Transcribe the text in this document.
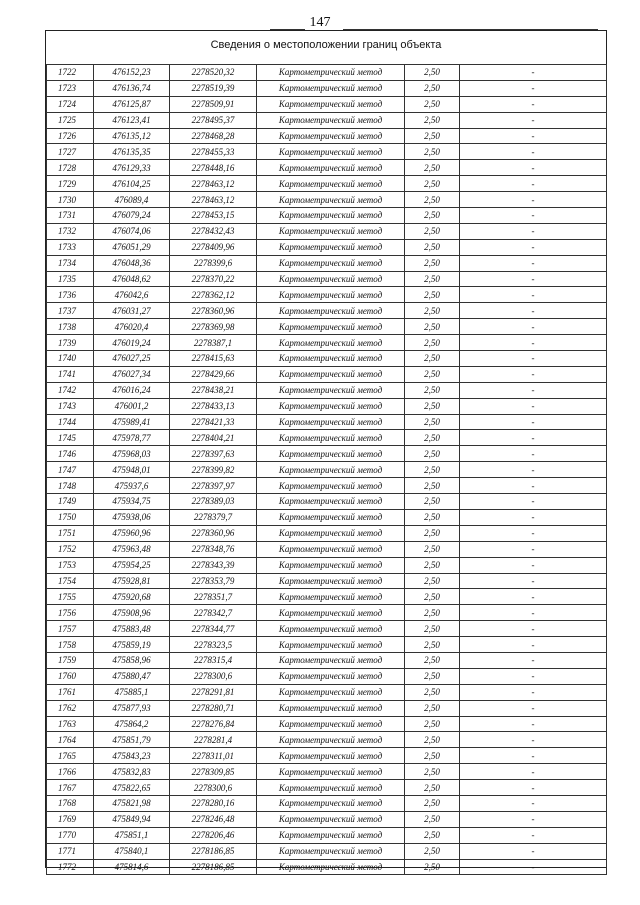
147
Сведения о местоположении границ объекта
1722	476152,23	2278520,32	Картометрический метод	2,50	-
1723	476136,74	2278519,39	Картометрический метод	2,50	-
1724	476125,87	2278509,91	Картометрический метод	2,50	-
1725	476123,41	2278495,37	Картометрический метод	2,50	-
1726	476135,12	2278468,28	Картометрический метод	2,50	-
1727	476135,35	2278455,33	Картометрический метод	2,50	-
1728	476129,33	2278448,16	Картометрический метод	2,50	-
1729	476104,25	2278463,12	Картометрический метод	2,50	-
1730	476089,4	2278463,12	Картометрический метод	2,50	-
1731	476079,24	2278453,15	Картометрический метод	2,50	-
1732	476074,06	2278432,43	Картометрический метод	2,50	-
1733	476051,29	2278409,96	Картометрический метод	2,50	-
1734	476048,36	2278399,6	Картометрический метод	2,50	-
1735	476048,62	2278370,22	Картометрический метод	2,50	-
1736	476042,6	2278362,12	Картометрический метод	2,50	-
1737	476031,27	2278360,96	Картометрический метод	2,50	-
1738	476020,4	2278369,98	Картометрический метод	2,50	-
1739	476019,24	2278387,1	Картометрический метод	2,50	-
1740	476027,25	2278415,63	Картометрический метод	2,50	-
1741	476027,34	2278429,66	Картометрический метод	2,50	-
1742	476016,24	2278438,21	Картометрический метод	2,50	-
1743	476001,2	2278433,13	Картометрический метод	2,50	-
1744	475989,41	2278421,33	Картометрический метод	2,50	-
1745	475978,77	2278404,21	Картометрический метод	2,50	-
1746	475968,03	2278397,63	Картометрический метод	2,50	-
1747	475948,01	2278399,82	Картометрический метод	2,50	-
1748	475937,6	2278397,97	Картометрический метод	2,50	-
1749	475934,75	2278389,03	Картометрический метод	2,50	-
1750	475938,06	2278379,7	Картометрический метод	2,50	-
1751	475960,96	2278360,96	Картометрический метод	2,50	-
1752	475963,48	2278348,76	Картометрический метод	2,50	-
1753	475954,25	2278343,39	Картометрический метод	2,50	-
1754	475928,81	2278353,79	Картометрический метод	2,50	-
1755	475920,68	2278351,7	Картометрический метод	2,50	-
1756	475908,96	2278342,7	Картометрический метод	2,50	-
1757	475883,48	2278344,77	Картометрический метод	2,50	-
1758	475859,19	2278323,5	Картометрический метод	2,50	-
1759	475858,96	2278315,4	Картометрический метод	2,50	-
1760	475880,47	2278300,6	Картометрический метод	2,50	-
1761	475885,1	2278291,81	Картометрический метод	2,50	-
1762	475877,93	2278280,71	Картометрический метод	2,50	-
1763	475864,2	2278276,84	Картометрический метод	2,50	-
1764	475851,79	2278281,4	Картометрический метод	2,50	-
1765	475843,23	2278311,01	Картометрический метод	2,50	-
1766	475832,83	2278309,85	Картометрический метод	2,50	-
1767	475822,65	2278300,6	Картометрический метод	2,50	-
1768	475821,98	2278280,16	Картометрический метод	2,50	-
1769	475849,94	2278246,48	Картометрический метод	2,50	-
1770	475851,1	2278206,46	Картометрический метод	2,50	-
1771	475840,1	2278186,85	Картометрический метод	2,50	-
1772	475814,6	2278186,85	Картометрический метод	2,50	-
